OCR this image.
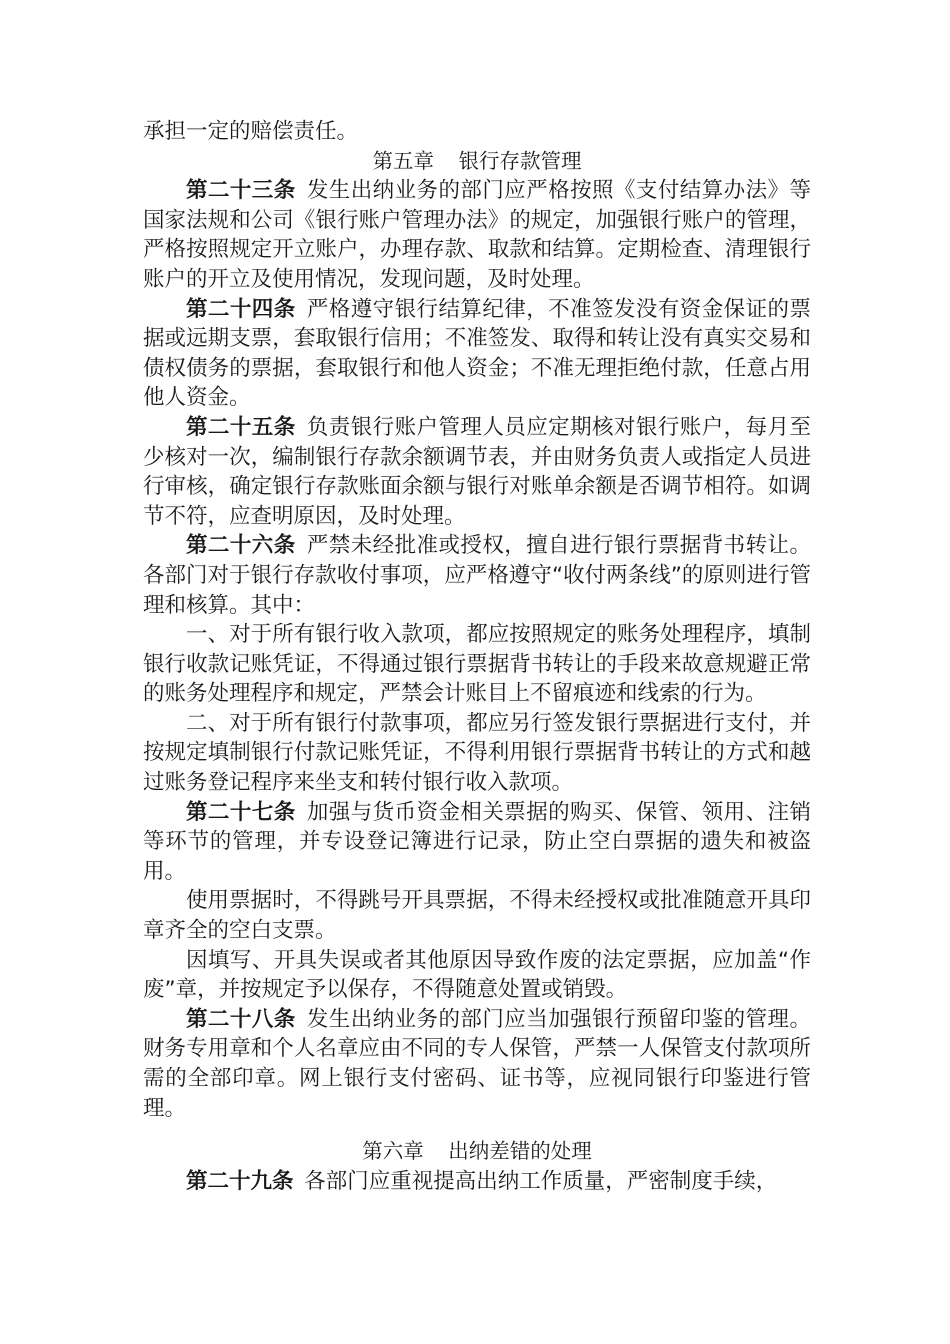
承担一定的赔偿责任。

第五章 银行存款管理

第二十三条 发生出纳业务的部门应严格按照《支付结算办法》等国家法规和公司《银行账户管理办法》的规定，加强银行账户的管理，严格按照规定开立账户，办理存款、取款和结算。定期检查、清理银行账户的开立及使用情况，发现问题，及时处理。

第二十四条 严格遵守银行结算纪律，不准签发没有资金保证的票据或远期支票，套取银行信用；不准签发、取得和转让没有真实交易和债权债务的票据，套取银行和他人资金；不准无理拒绝付款，任意占用他人资金。

第二十五条 负责银行账户管理人员应定期核对银行账户，每月至少核对一次，编制银行存款余额调节表，并由财务负责人或指定人员进行审核，确定银行存款账面余额与银行对账单余额是否调节相符。如调节不符，应查明原因，及时处理。

第二十六条 严禁未经批准或授权，擅自进行银行票据背书转让。各部门对于银行存款收付事项，应严格遵守“收付两条线”的原则进行管理和核算。其中：

一、对于所有银行收入款项，都应按照规定的账务处理程序，填制银行收款记账凭证，不得通过银行票据背书转让的手段来故意规避正常的账务处理程序和规定，严禁会计账目上不留痕迹和线索的行为。

二、对于所有银行付款事项，都应另行签发银行票据进行支付，并按规定填制银行付款记账凭证，不得利用银行票据背书转让的方式和越过账务登记程序来坐支和转付银行收入款项。

第二十七条 加强与货币资金相关票据的购买、保管、领用、注销等环节的管理，并专设登记簿进行记录，防止空白票据的遗失和被盗用。

使用票据时，不得跳号开具票据，不得未经授权或批准随意开具印章齐全的空白支票。

因填写、开具失误或者其他原因导致作废的法定票据，应加盖“作废”章，并按规定予以保存，不得随意处置或销毁。

第二十八条 发生出纳业务的部门应当加强银行预留印鉴的管理。财务专用章和个人名章应由不同的专人保管，严禁一人保管支付款项所需的全部印章。网上银行支付密码、证书等，应视同银行印鉴进行管理。

第六章 出纳差错的处理

第二十九条 各部门应重视提高出纳工作质量，严密制度手续，
